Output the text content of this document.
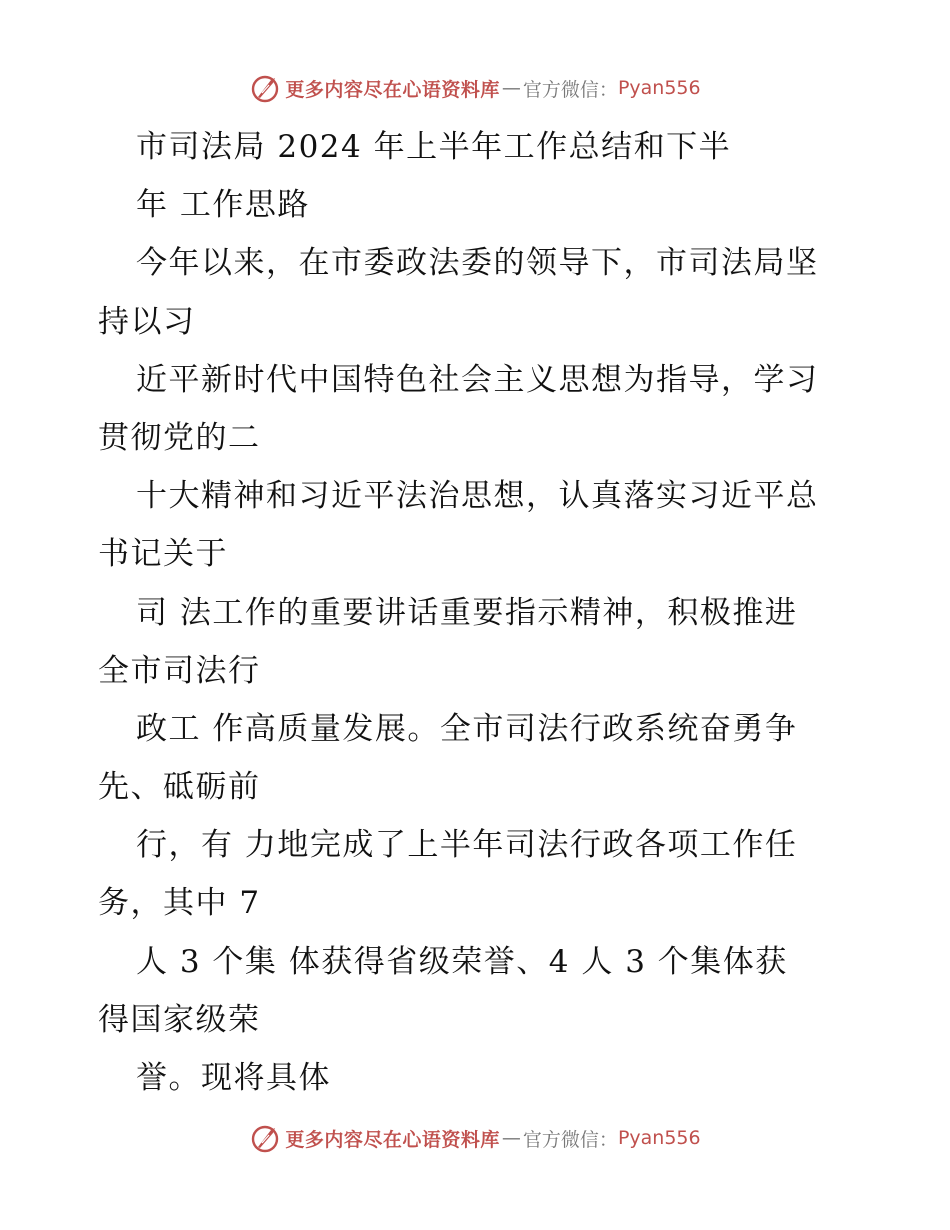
更多内容尽在心语资料库 — 官方微信： Pyan556
市司法局 2024 年上半年工作总结和下半
年 工作思路
今年以来，在市委政法委的领导下，市司法局坚
持以习
近平新时代中国特色社会主义思想为指导，学习
贯彻党的二
十大精神和习近平法治思想，认真落实习近平总
书记关于
司 法工作的重要讲话重要指示精神，积极推进
全市司法行
政工 作高质量发展。全市司法行政系统奋勇争
先、砥砺前
行，有 力地完成了上半年司法行政各项工作任
务，其中 7
人 3 个集 体获得省级荣誉、4 人 3 个集体获
得国家级荣
誉。现将具体
更多内容尽在心语资料库 — 官方微信： Pyan556
